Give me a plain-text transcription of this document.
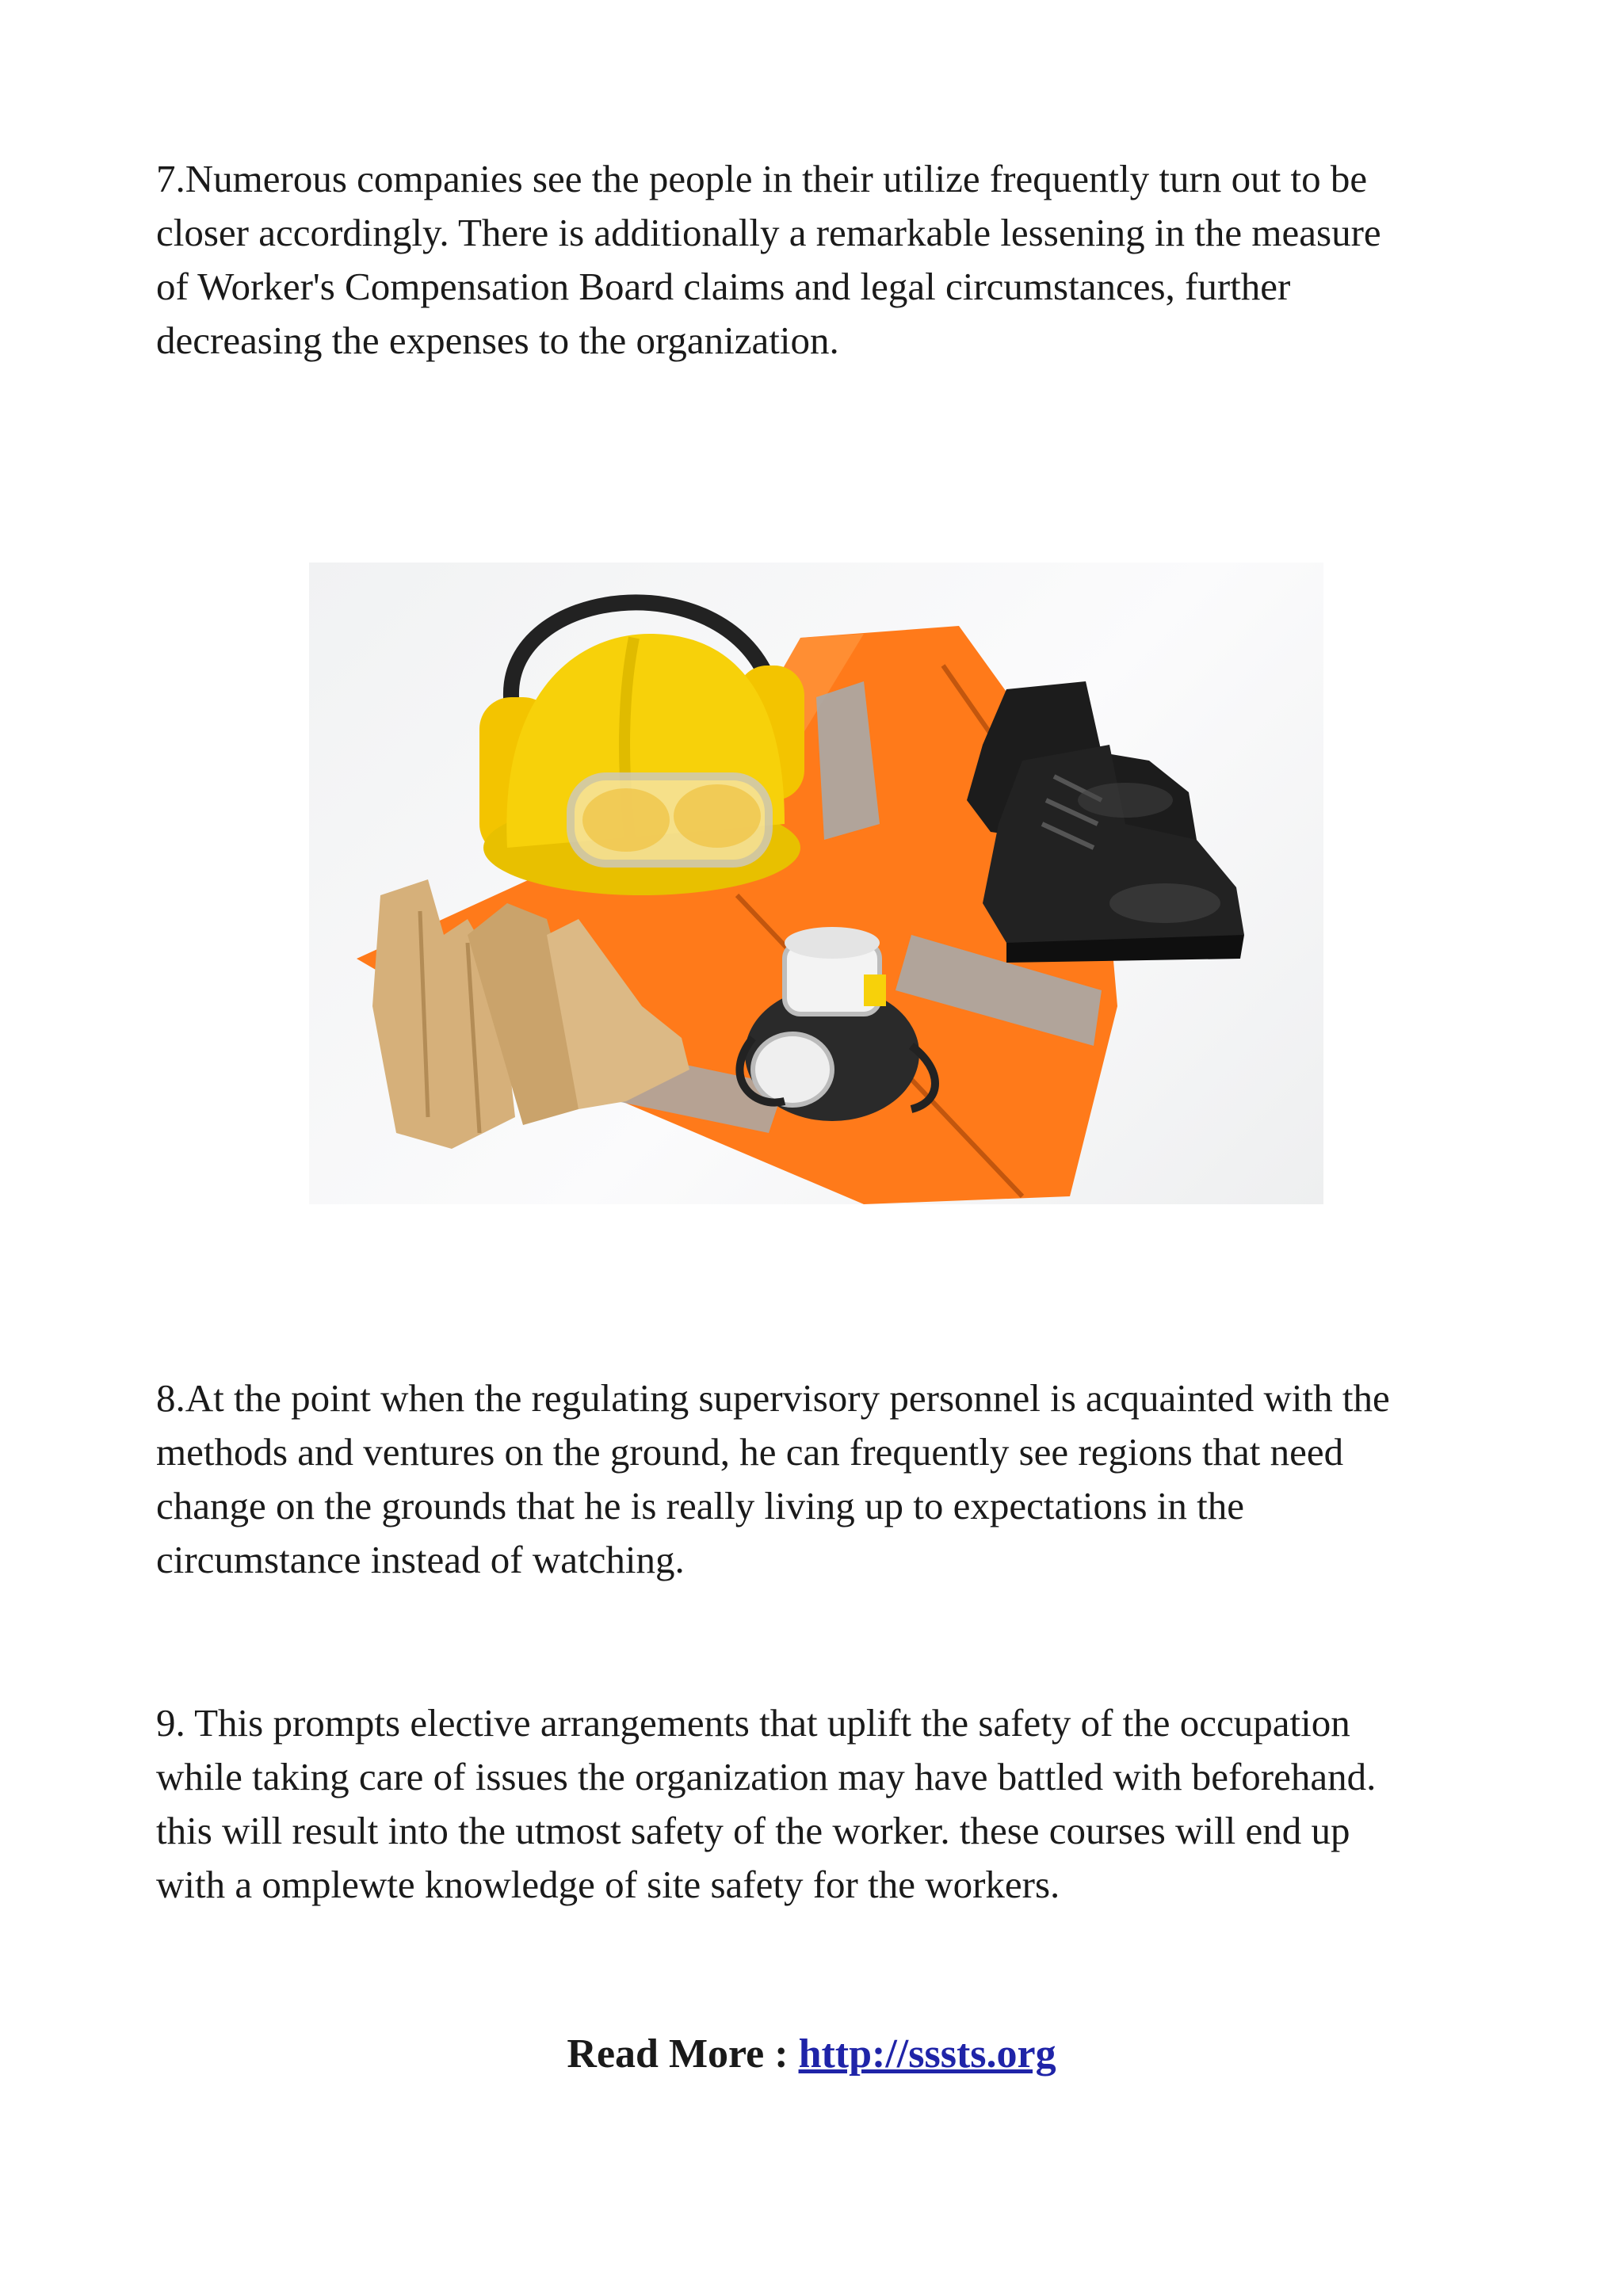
7.Numerous companies see the people in their utilize frequently turn out to be
closer accordingly. There is additionally a remarkable lessening in the measure
of Worker's Compensation Board claims and legal circumstances, further
decreasing the expenses to the organization.

8.At the point when the regulating supervisory personnel is acquainted with the
methods and ventures on the ground, he can frequently see regions that need
change on the grounds that he is really living up to expectations in the
circumstance instead of watching.

9. This prompts elective arrangements that uplift the safety of the occupation
while taking care of issues the organization may have battled with beforehand.
this will result into the utmost safety of the worker. these courses will end up
with a omplewte knowledge of site safety for the workers.

Read More : http://sssts.org
